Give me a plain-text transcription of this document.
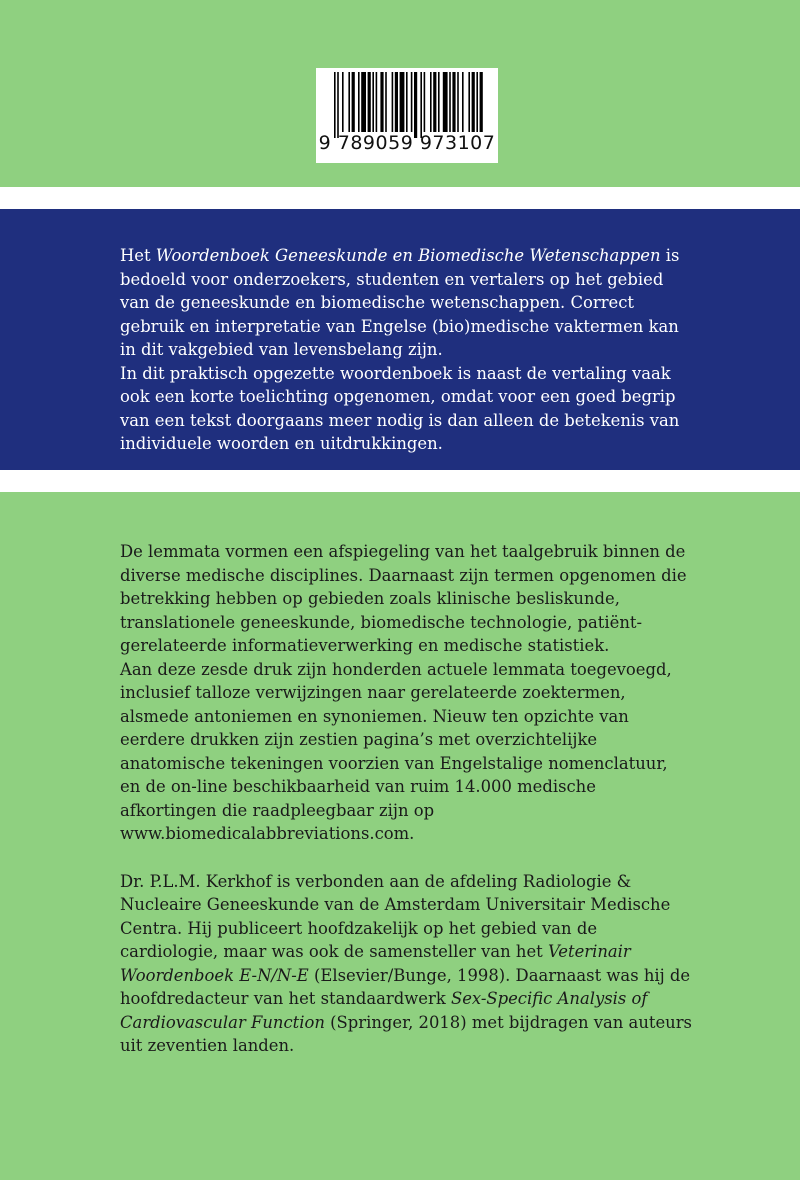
9 789059 973107

Het Woordenboek Geneeskunde en Biomedische Wetenschappen is bedoeld voor onderzoekers, studenten en vertalers op het gebied van de geneeskunde en biomedische wetenschappen. Correct gebruik en interpretatie van Engelse (bio)medische vaktermen kan in dit vakgebied van levensbelang zijn.

In dit praktisch opgezette woordenboek is naast de vertaling vaak ook een korte toelichting opgenomen, omdat voor een goed begrip van een tekst doorgaans meer nodig is dan alleen de betekenis van individuele woorden en uitdrukkingen.

De lemmata vormen een afspiegeling van het taalgebruik binnen de diverse medische disciplines. Daarnaast zijn termen opgenomen die betrekking hebben op gebieden zoals klinische besliskunde, translationele geneeskunde, biomedische technologie, patiënt-gerelateerde informatieverwerking en medische statistiek.

Aan deze zesde druk zijn honderden actuele lemmata toegevoegd, inclusief talloze verwijzingen naar gerelateerde zoektermen, alsmede antoniemen en synoniemen. Nieuw ten opzichte van eerdere drukken zijn zestien pagina’s met overzichtelijke anatomische tekeningen voorzien van Engelstalige nomenclatuur, en de on-line beschikbaarheid van ruim 14.000 medische afkortingen die raadpleegbaar zijn op www.biomedicalabbreviations.com.

Dr. P.L.M. Kerkhof is verbonden aan de afdeling Radiologie & Nucleaire Geneeskunde van de Amsterdam Universitair Medische Centra. Hij publiceert hoofdzakelijk op het gebied van de cardiologie, maar was ook de samensteller van het Veterinair Woordenboek E-N/N-E (Elsevier/Bunge, 1998). Daarnaast was hij de hoofdredacteur van het standaardwerk Sex-Specific Analysis of Cardiovascular Function (Springer, 2018) met bijdragen van auteurs uit zeventien landen.
